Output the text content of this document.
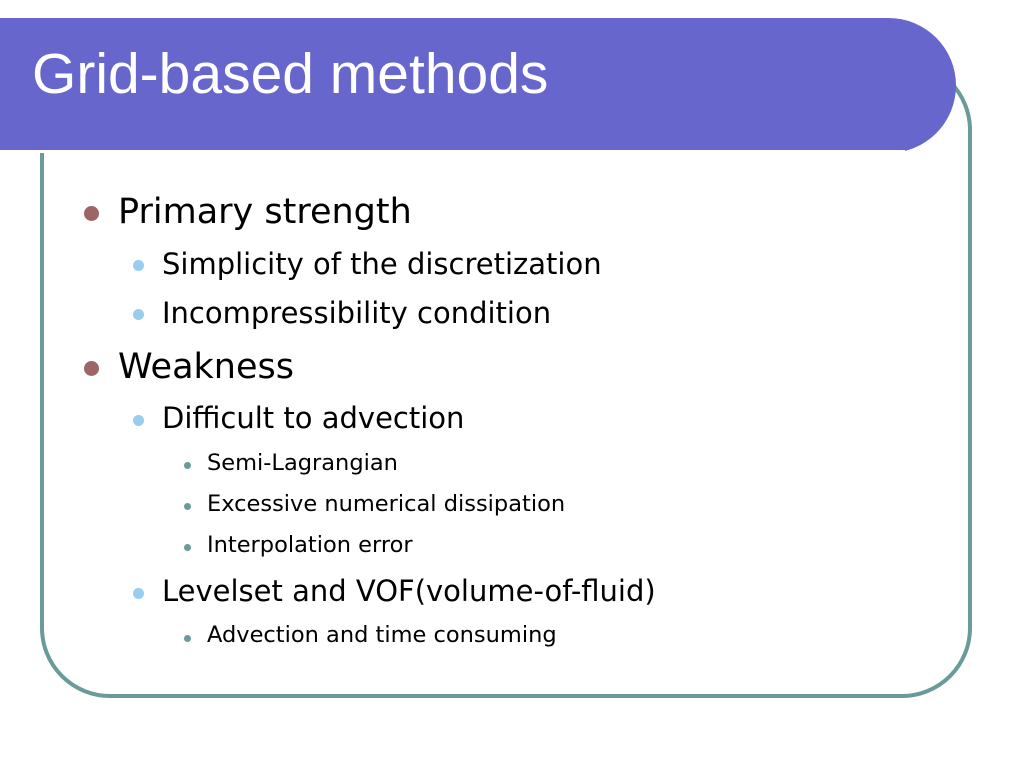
Grid-based methods
Primary strength
Simplicity of the discretization
Incompressibility condition
Weakness
Difficult to advection
Semi-Lagrangian
Excessive numerical dissipation
Interpolation error
Levelset and VOF(volume-of-fluid)
Advection and time consuming
